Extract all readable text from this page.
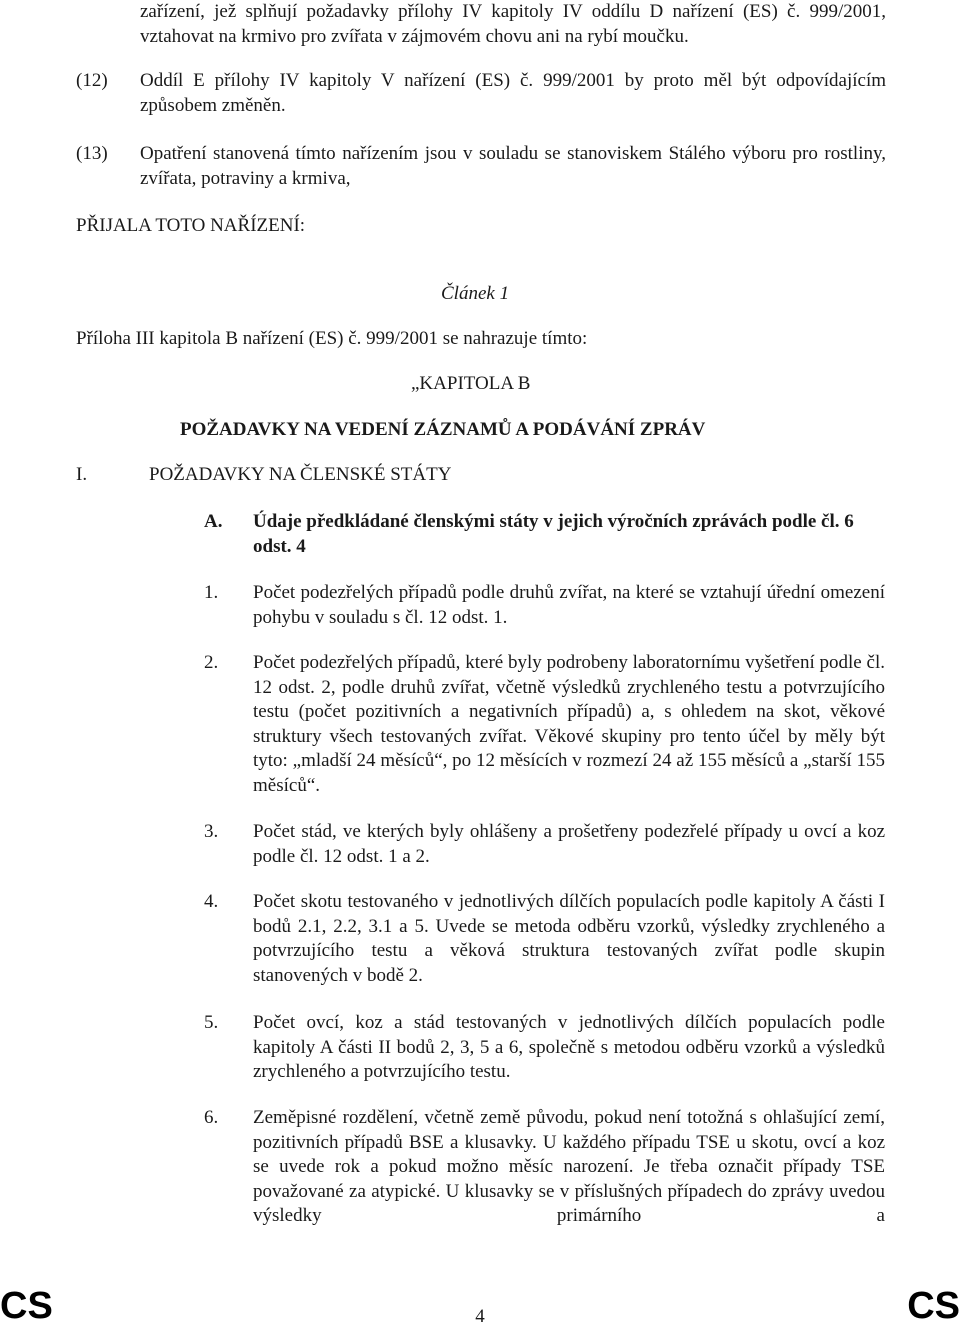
zařízení, jež splňují požadavky přílohy IV kapitoly IV oddílu D nařízení (ES) č. 999/2001, vztahovat na krmivo pro zvířata v zájmovém chovu ani na rybí moučku.
(12) Oddíl E přílohy IV kapitoly V nařízení (ES) č. 999/2001 by proto měl být odpovídajícím způsobem změněn.
(13) Opatření stanovená tímto nařízením jsou v souladu se stanoviskem Stálého výboru pro rostliny, zvířata, potraviny a krmiva,
PŘIJALA TOTO NAŘÍZENÍ:
Článek 1
Příloha III kapitola B nařízení (ES) č. 999/2001 se nahrazuje tímto:
„KAPITOLA B
POŽADAVKY NA VEDENÍ ZÁZNAMŮ A PODÁVÁNÍ ZPRÁV
I.	POŽADAVKY NA ČLENSKÉ STÁTY
A. Údaje předkládané členskými státy v jejich výročních zprávách podle čl. 6 odst. 4
1. Počet podezřelých případů podle druhů zvířat, na které se vztahují úřední omezení pohybu v souladu s čl. 12 odst. 1.
2. Počet podezřelých případů, které byly podrobeny laboratornímu vyšetření podle čl. 12 odst. 2, podle druhů zvířat, včetně výsledků zrychleného testu a potvrzujícího testu (počet pozitivních a negativních případů) a, s ohledem na skot, věkové struktury všech testovaných zvířat. Věkové skupiny pro tento účel by měly být tyto: „mladší 24 měsíců“, po 12 měsících v rozmezí 24 až 155 měsíců a „starší 155 měsíců“.
3. Počet stád, ve kterých byly ohlášeny a prošetřeny podezřelé případy u ovcí a koz podle čl. 12 odst. 1 a 2.
4. Počet skotu testovaného v jednotlivých dílčích populacích podle kapitoly A části I bodů 2.1, 2.2, 3.1 a 5. Uvede se metoda odběru vzorků, výsledky zrychleného a potvrzujícího testu a věková struktura testovaných zvířat podle skupin stanovených v bodě 2.
5. Počet ovcí, koz a stád testovaných v jednotlivých dílčích populacích podle kapitoly A části II bodů 2, 3, 5 a 6, společně s metodou odběru vzorků a výsledků zrychleného a potvrzujícího testu.
6. Zeměpisné rozdělení, včetně země původu, pokud není totožná s ohlašující zemí, pozitivních případů BSE a klusavky. U každého případu TSE u skotu, ovcí a koz se uvede rok a pokud možno měsíc narození. Je třeba označit případy TSE považované za atypické. U klusavky se v příslušných případech do zprávy uvedou výsledky primárního a
CS	4	CS
